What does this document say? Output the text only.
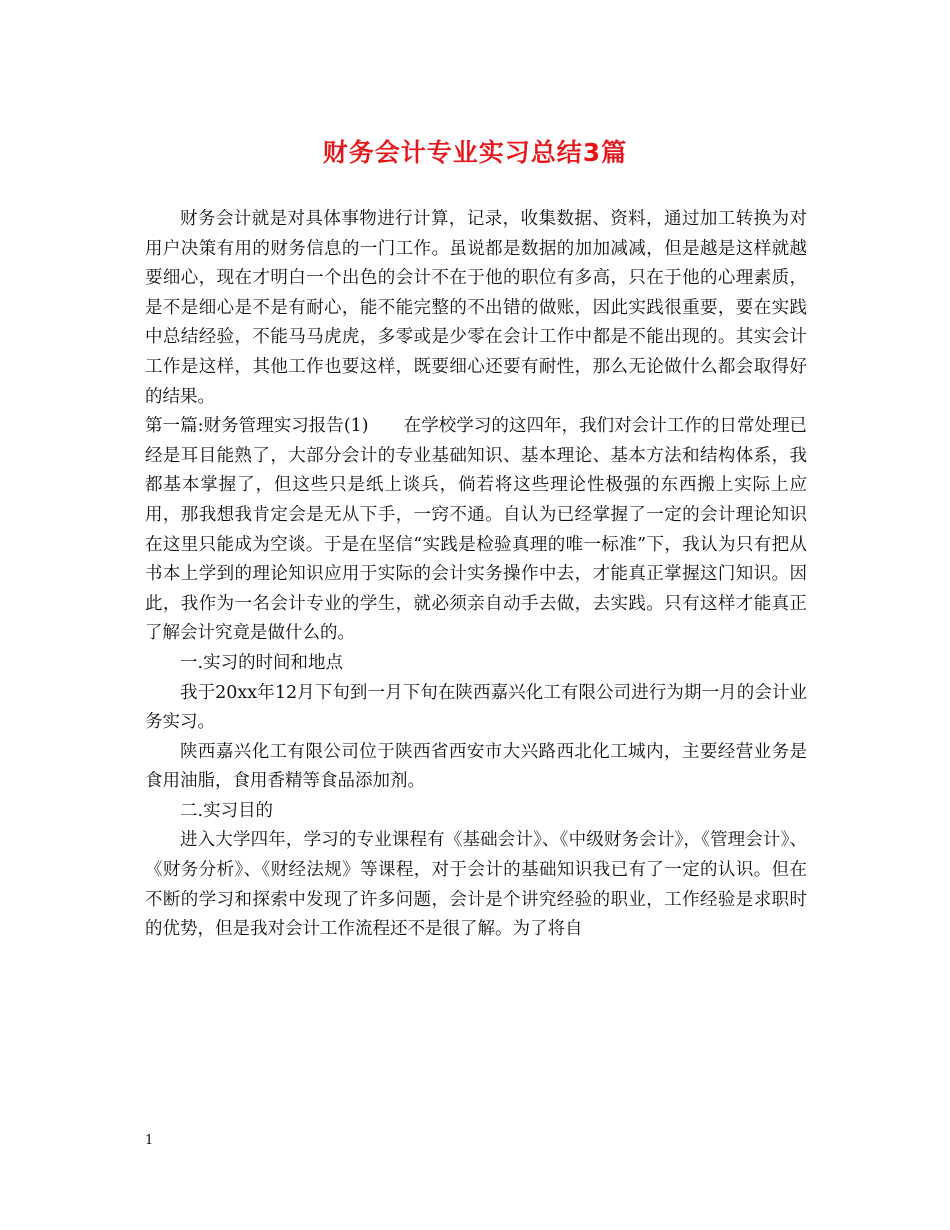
财务会计专业实习总结3篇

财务会计就是对具体事物进行计算，记录，收集数据、资料，通过加工转换为对用户决策有用的财务信息的一门工作。虽说都是数据的加加减减，但是越是这样就越要细心，现在才明白一个出色的会计不在于他的职位有多高，只在于他的心理素质，是不是细心是不是有耐心，能不能完整的不出错的做账，因此实践很重要，要在实践中总结经验，不能马马虎虎，多零或是少零在会计工作中都是不能出现的。其实会计工作是这样，其他工作也要这样，既要细心还要有耐性，那么无论做什么都会取得好的结果。

第一篇:财务管理实习报告(1) 在学校学习的这四年，我们对会计工作的日常处理已经是耳目能熟了，大部分会计的专业基础知识、基本理论、基本方法和结构体系，我都基本掌握了，但这些只是纸上谈兵，倘若将这些理论性极强的东西搬上实际上应用，那我想我肯定会是无从下手，一窍不通。自认为已经掌握了一定的会计理论知识在这里只能成为空谈。于是在坚信“实践是检验真理的唯一标准”下，我认为只有把从书本上学到的理论知识应用于实际的会计实务操作中去，才能真正掌握这门知识。因此，我作为一名会计专业的学生，就必须亲自动手去做，去实践。只有这样才能真正了解会计究竟是做什么的。

一.实习的时间和地点

我于20xx年12月下旬到一月下旬在陕西嘉兴化工有限公司进行为期一月的会计业务实习。

陕西嘉兴化工有限公司位于陕西省西安市大兴路西北化工城内，主要经营业务是食用油脂，食用香精等食品添加剂。

二.实习目的

进入大学四年，学习的专业课程有《基础会计》、《中级财务会计》，《管理会计》、《财务分析》、《财经法规》等课程，对于会计的基础知识我已有了一定的认识。但在不断的学习和探索中发现了许多问题，会计是个讲究经验的职业，工作经验是求职时的优势，但是我对会计工作流程还不是很了解。为了将自

1
